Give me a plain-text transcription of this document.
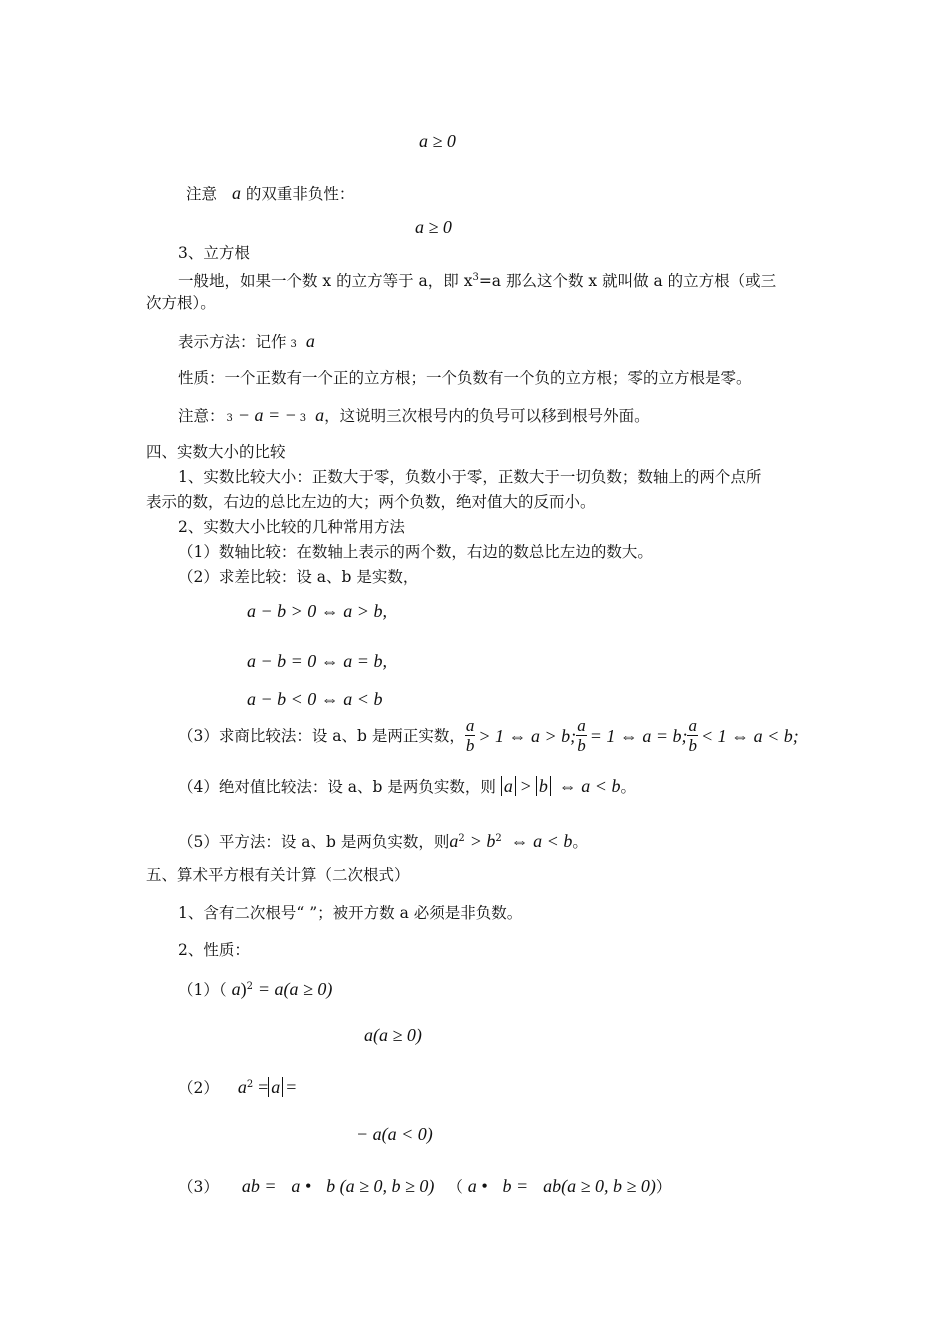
a ≥ 0
注意 a 的双重非负性：
a ≥ 0
3、立方根
一般地，如果一个数 x 的立方等于 a，即 $x^3=a$ 那么这个数 x 就叫做 a 的立方根（或三
次方根）。
表示方法：记作 3 a
性质：一个正数有一个正的立方根；一个负数有一个负的立方根；零的立方根是零。
注意： 3 − a = − 3 a，这说明三次根号内的负号可以移到根号外面。
四、实数大小的比较
1、实数比较大小：正数大于零，负数小于零，正数大于一切负数；数轴上的两个点所
表示的数，右边的总比左边的大；两个负数，绝对值大的反而小。
2、实数大小比较的几种常用方法
（1）数轴比较：在数轴上表示的两个数，右边的数总比左边的数大。
（2）求差比较：设 a、b 是实数，
a − b > 0 ⇔ a > b,
a − b = 0 ⇔ a = b,
a − b < 0 ⇔ a < b
（3）求商比较法：设 a、b 是两正实数， $\frac{a}{b} > 1$ ⇔ a > b; $\frac{a}{b} = 1$ ⇔ a = b; $\frac{a}{b} < 1$ ⇔ a < b;
（4）绝对值比较法：设 a、b 是两负实数，则 a > b ⇔ a < b。
（5）平方法：设 a、b 是两负实数，则$a^2 > b^2$ ⇔ a < b。
五、算术平方根有关计算（二次根式）
1、含有二次根号“ ”；被开方数 a 必须是非负数。
2、性质：
（1）（ a)$^2$ = a(a ≥ 0)
a(a ≥ 0)
（2） $a^2 = a$ =
− a(a < 0)
（3） ab = a • b (a ≥ 0, b ≥ 0) （ a • b = ab(a ≥ 0, b ≥ 0)）
